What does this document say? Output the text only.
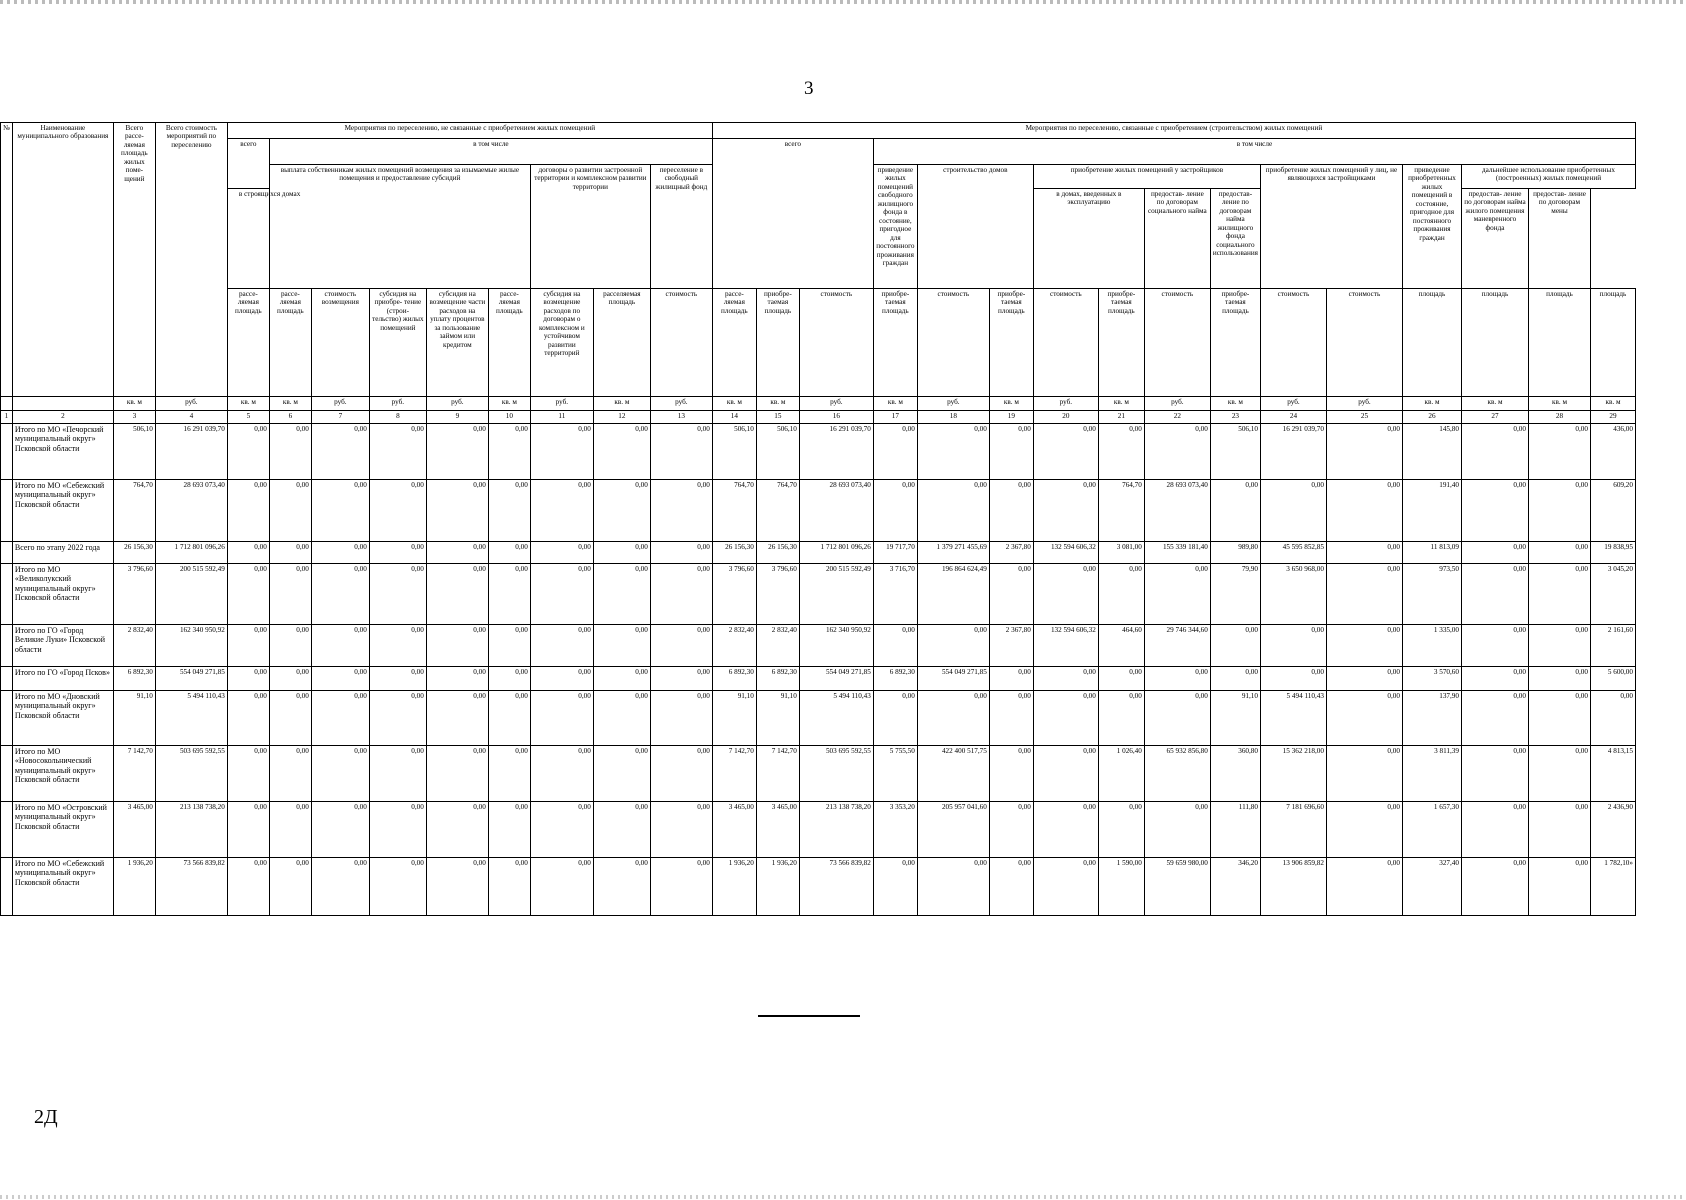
3
№	Наименование муниципального образования	Всего рассе- ляемая площадь жилых поме- щений	Всего стоимость мероприятий по переселению	Мероприятия по переселению, не связанные с приобретением жилых помещений									Мероприятия по переселению, связанные с приобретением (строительством) жилых помещений															
				всего	в том числе								всего			в том числе												
					выплата собственникам жилых помещений возмещения за изымаемые жилые помещения и предоставление субсидий					договоры о развитии застроенной территории и комплексном развитии территории		переселение в свободный жилищный фонд				приведение жилых помещений свободного жилищного фонда в состояние, пригодное для постоянного проживания граждан	строительство домов		приобретение жилых помещений у застройщиков				приобретение жилых помещений у лиц, не являющихся застройщиками		приведение приобретенных жилых помещений в состояние, пригодное для постоянного проживания граждан	дальнейшее использование приобретенных (построенных) жилых помещений		
				в строящихся домах															в домах, введенных в эксплуатацию		предостав- ление по договорам социального найма	предостав- ление по договорам найма жилищного фонда социального использования				предостав- ление по договорам найма жилого помещения маневренного фонда	предостав- ление по договорам мены	
				рассе- ляемая площадь	рассе- ляемая площадь	стоимость возмещения	субсидия на приобре- тение (строи- тельство) жилых помещений	субсидия на возмещение части расходов на уплату процентов за пользование займом или кредитом	рассе- ляемая площадь	субсидия на возмещение расходов по договорам о комплексном и устойчивом развитии территорий	расселяемая площадь	стоимость	рассе- ляемая площадь	приобре- таемая площадь	стоимость	приобре- таемая площадь	стоимость	приобре- таемая площадь	стоимость	приобре- таемая площадь	стоимость	приобре- таемая площадь	стоимость	стоимость	площадь	площадь	площадь	площадь
		кв. м	руб.	кв. м	кв. м	руб.	руб.	руб.	кв. м	руб.	кв. м	руб.	кв. м	кв. м	руб.	кв. м	руб.	кв. м	руб.	кв. м	руб.	кв. м	руб.	руб.	кв. м	кв. м	кв. м	кв. м
1	2	3	4	5	6	7	8	9	10	11	12	13	14	15	16	17	18	19	20	21	22	23	24	25	26	27	28	29
	Итого по МО «Печорский муниципальный округ» Псковской области	506,10	16 291 039,70	0,00	0,00	0,00	0,00	0,00	0,00	0,00	0,00	0,00	506,10	506,10	16 291 039,70	0,00	0,00	0,00	0,00	0,00	0,00	506,10	16 291 039,70	0,00	145,80	0,00	0,00	436,00
	Итого по МО «Себежский муниципальный округ» Псковской области	764,70	28 693 073,40	0,00	0,00	0,00	0,00	0,00	0,00	0,00	0,00	0,00	764,70	764,70	28 693 073,40	0,00	0,00	0,00	0,00	764,70	28 693 073,40	0,00	0,00	0,00	191,40	0,00	0,00	609,20
	Всего по этапу 2022 года	26 156,30	1 712 801 096,26	0,00	0,00	0,00	0,00	0,00	0,00	0,00	0,00	0,00	26 156,30	26 156,30	1 712 801 096,26	19 717,70	1 379 271 455,69	2 367,80	132 594 606,32	3 081,00	155 339 181,40	989,80	45 595 852,85	0,00	11 813,09	0,00	0,00	19 838,95
	Итого по МО «Великолукский муниципальный округ» Псковской области	3 796,60	200 515 592,49	0,00	0,00	0,00	0,00	0,00	0,00	0,00	0,00	0,00	3 796,60	3 796,60	200 515 592,49	3 716,70	196 864 624,49	0,00	0,00	0,00	0,00	79,90	3 650 968,00	0,00	973,50	0,00	0,00	3 045,20
	Итого по ГО «Город Великие Луки» Псковской области	2 832,40	162 340 950,92	0,00	0,00	0,00	0,00	0,00	0,00	0,00	0,00	0,00	2 832,40	2 832,40	162 340 950,92	0,00	0,00	2 367,80	132 594 606,32	464,60	29 746 344,60	0,00	0,00	0,00	1 335,00	0,00	0,00	2 161,60
	Итого по ГО «Город Псков»	6 892,30	554 049 271,85	0,00	0,00	0,00	0,00	0,00	0,00	0,00	0,00	0,00	6 892,30	6 892,30	554 049 271,85	6 892,30	554 049 271,85	0,00	0,00	0,00	0,00	0,00	0,00	0,00	3 570,60	0,00	0,00	5 600,00
	Итого по МО «Дновский муниципальный округ» Псковской области	91,10	5 494 110,43	0,00	0,00	0,00	0,00	0,00	0,00	0,00	0,00	0,00	91,10	91,10	5 494 110,43	0,00	0,00	0,00	0,00	0,00	0,00	91,10	5 494 110,43	0,00	137,90	0,00	0,00	0,00
	Итого по МО «Новосокольнический муниципальный округ» Псковской области	7 142,70	503 695 592,55	0,00	0,00	0,00	0,00	0,00	0,00	0,00	0,00	0,00	7 142,70	7 142,70	503 695 592,55	5 755,50	422 400 517,75	0,00	0,00	1 026,40	65 932 856,80	360,80	15 362 218,00	0,00	3 811,39	0,00	0,00	4 813,15
	Итого по МО «Островский муниципальный округ» Псковской области	3 465,00	213 138 738,20	0,00	0,00	0,00	0,00	0,00	0,00	0,00	0,00	0,00	3 465,00	3 465,00	213 138 738,20	3 353,20	205 957 041,60	0,00	0,00	0,00	0,00	111,80	7 181 696,60	0,00	1 657,30	0,00	0,00	2 436,90
	Итого по МО «Себежский муниципальный округ» Псковской области	1 936,20	73 566 839,82	0,00	0,00	0,00	0,00	0,00	0,00	0,00	0,00	0,00	1 936,20	1 936,20	73 566 839,82	0,00	0,00	0,00	0,00	1 590,00	59 659 980,00	346,20	13 906 859,82	0,00	327,40	0,00	0,00	1 782,10»
2Д
